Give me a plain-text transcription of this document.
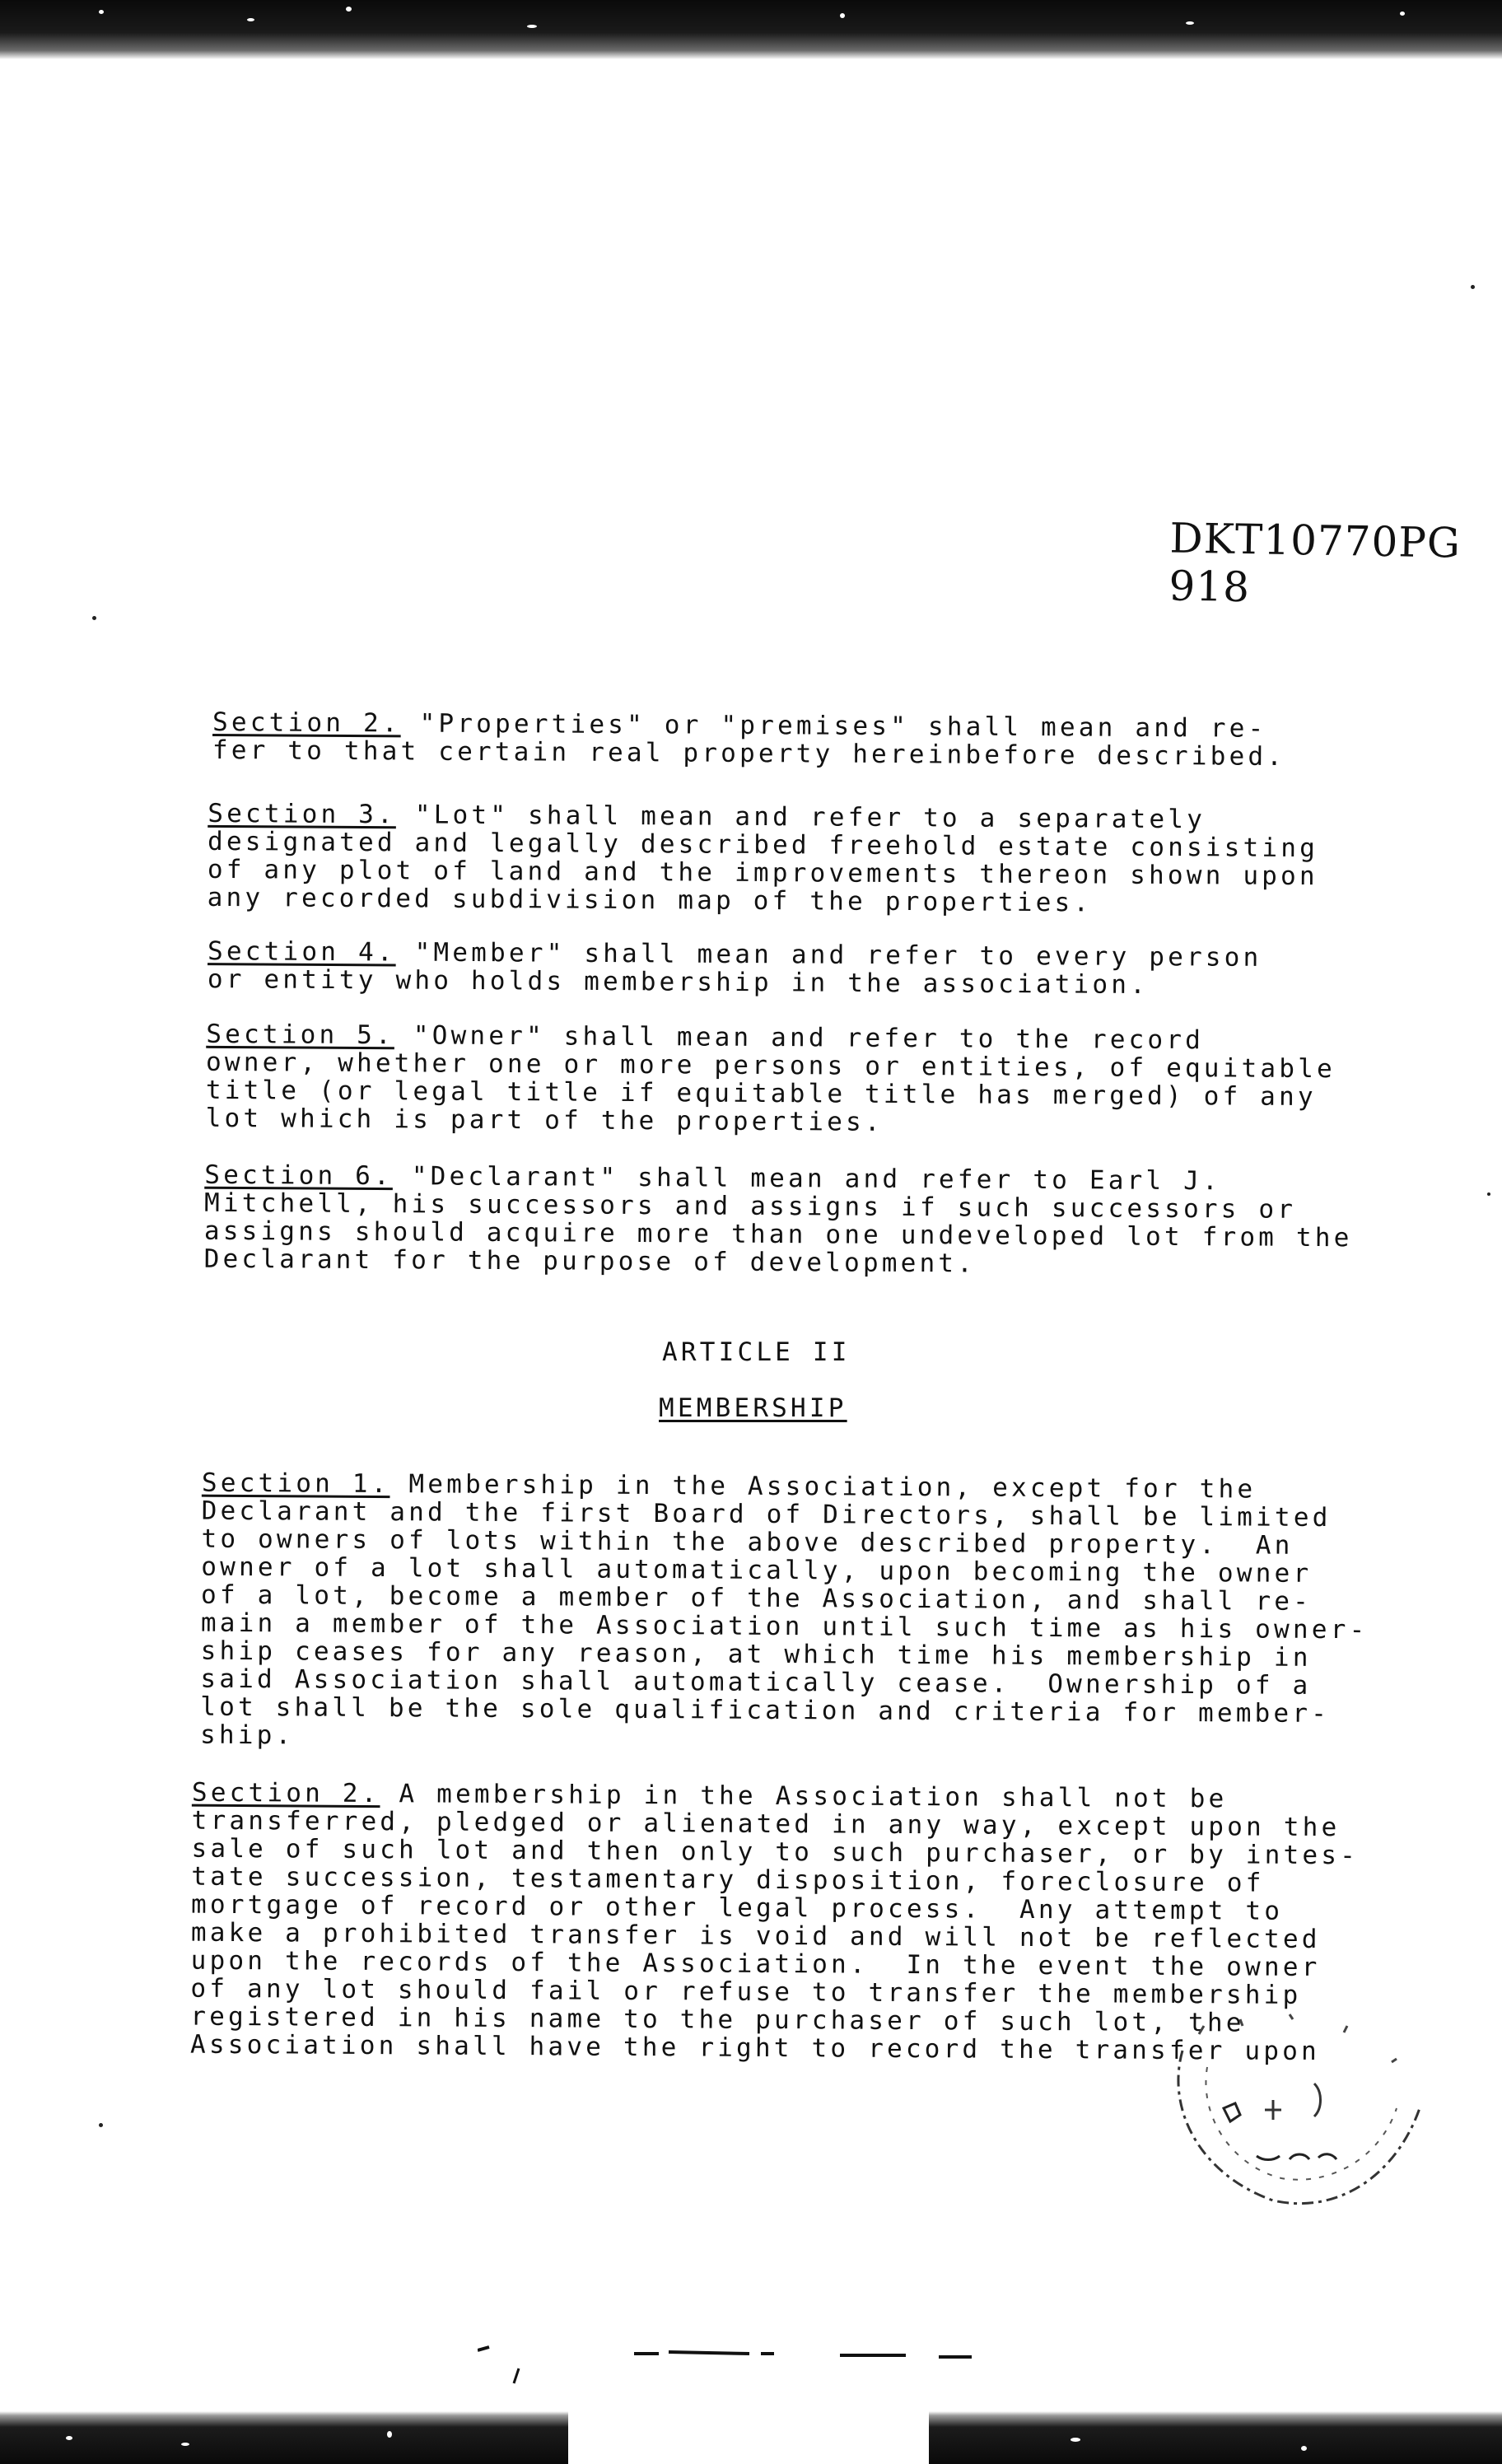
DKT10770PG 918

Section 2. "Properties" or "premises" shall mean and re-
fer to that certain real property hereinbefore described.

Section 3. "Lot" shall mean and refer to a separately
designated and legally described freehold estate consisting
of any plot of land and the improvements thereon shown upon
any recorded subdivision map of the properties.

Section 4. "Member" shall mean and refer to every person
or entity who holds membership in the association.

Section 5. "Owner" shall mean and refer to the record
owner, whether one or more persons or entities, of equitable
title (or legal title if equitable title has merged) of any
lot which is part of the properties.

Section 6. "Declarant" shall mean and refer to Earl J.
Mitchell, his successors and assigns if such successors or
assigns should acquire more than one undeveloped lot from the
Declarant for the purpose of development.

ARTICLE II

MEMBERSHIP

Section 1. Membership in the Association, except for the
Declarant and the first Board of Directors, shall be limited
to owners of lots within the above described property.  An
owner of a lot shall automatically, upon becoming the owner
of a lot, become a member of the Association, and shall re-
main a member of the Association until such time as his owner-
ship ceases for any reason, at which time his membership in
said Association shall automatically cease.  Ownership of a
lot shall be the sole qualification and criteria for member-
ship.

Section 2. A membership in the Association shall not be
transferred, pledged or alienated in any way, except upon the
sale of such lot and then only to such purchaser, or by intes-
tate succession, testamentary disposition, foreclosure of
mortgage of record or other legal process.  Any attempt to
make a prohibited transfer is void and will not be reflected
upon the records of the Association.  In the event the owner
of any lot should fail or refuse to transfer the membership
registered in his name to the purchaser of such lot, the
Association shall have the right to record the transfer upon
